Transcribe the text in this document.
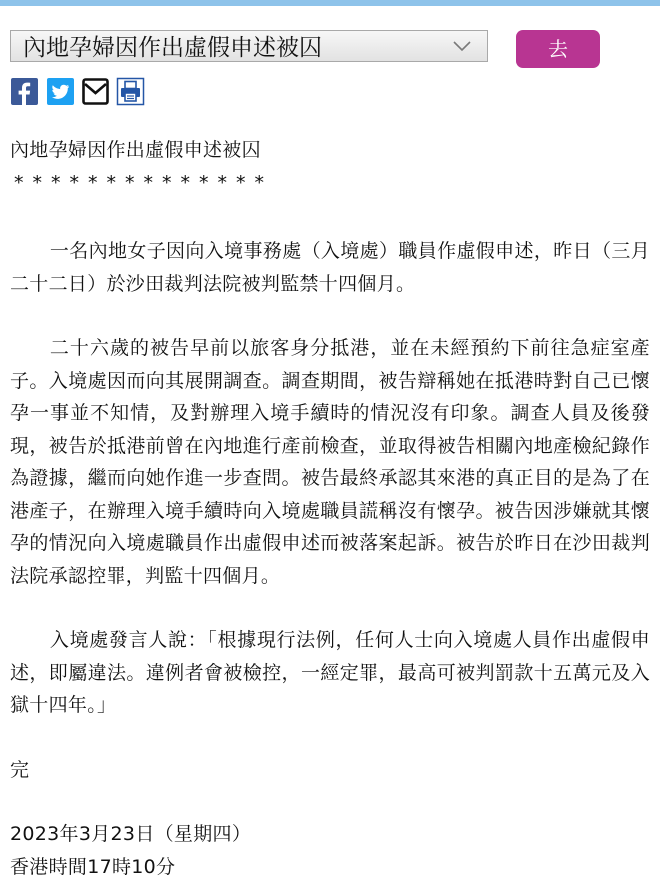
內地孕婦因作出虛假申述被囚	去

內地孕婦因作出虛假申述被囚

**************

一名內地女子因向入境事務處（入境處）職員作虛假申述，昨日（三月二十二日）於沙田裁判法院被判監禁十四個月。

二十六歲的被告早前以旅客身分抵港，並在未經預約下前往急症室產子。入境處因而向其展開調查。調查期間，被告辯稱她在抵港時對自己已懷孕一事並不知情，及對辦理入境手續時的情況沒有印象。調查人員及後發現，被告於抵港前曾在內地進行產前檢查，並取得被告相關內地產檢紀錄作為證據，繼而向她作進一步查問。被告最終承認其來港的真正目的是為了在港產子，在辦理入境手續時向入境處職員謊稱沒有懷孕。被告因涉嫌就其懷孕的情況向入境處職員作出虛假申述而被落案起訴。被告於昨日在沙田裁判法院承認控罪，判監十四個月。

入境處發言人說：「根據現行法例，任何人士向入境處人員作出虛假申述，即屬違法。違例者會被檢控，一經定罪，最高可被判罰款十五萬元及入獄十四年。」

完

2023年3月23日（星期四）

香港時間17時10分
